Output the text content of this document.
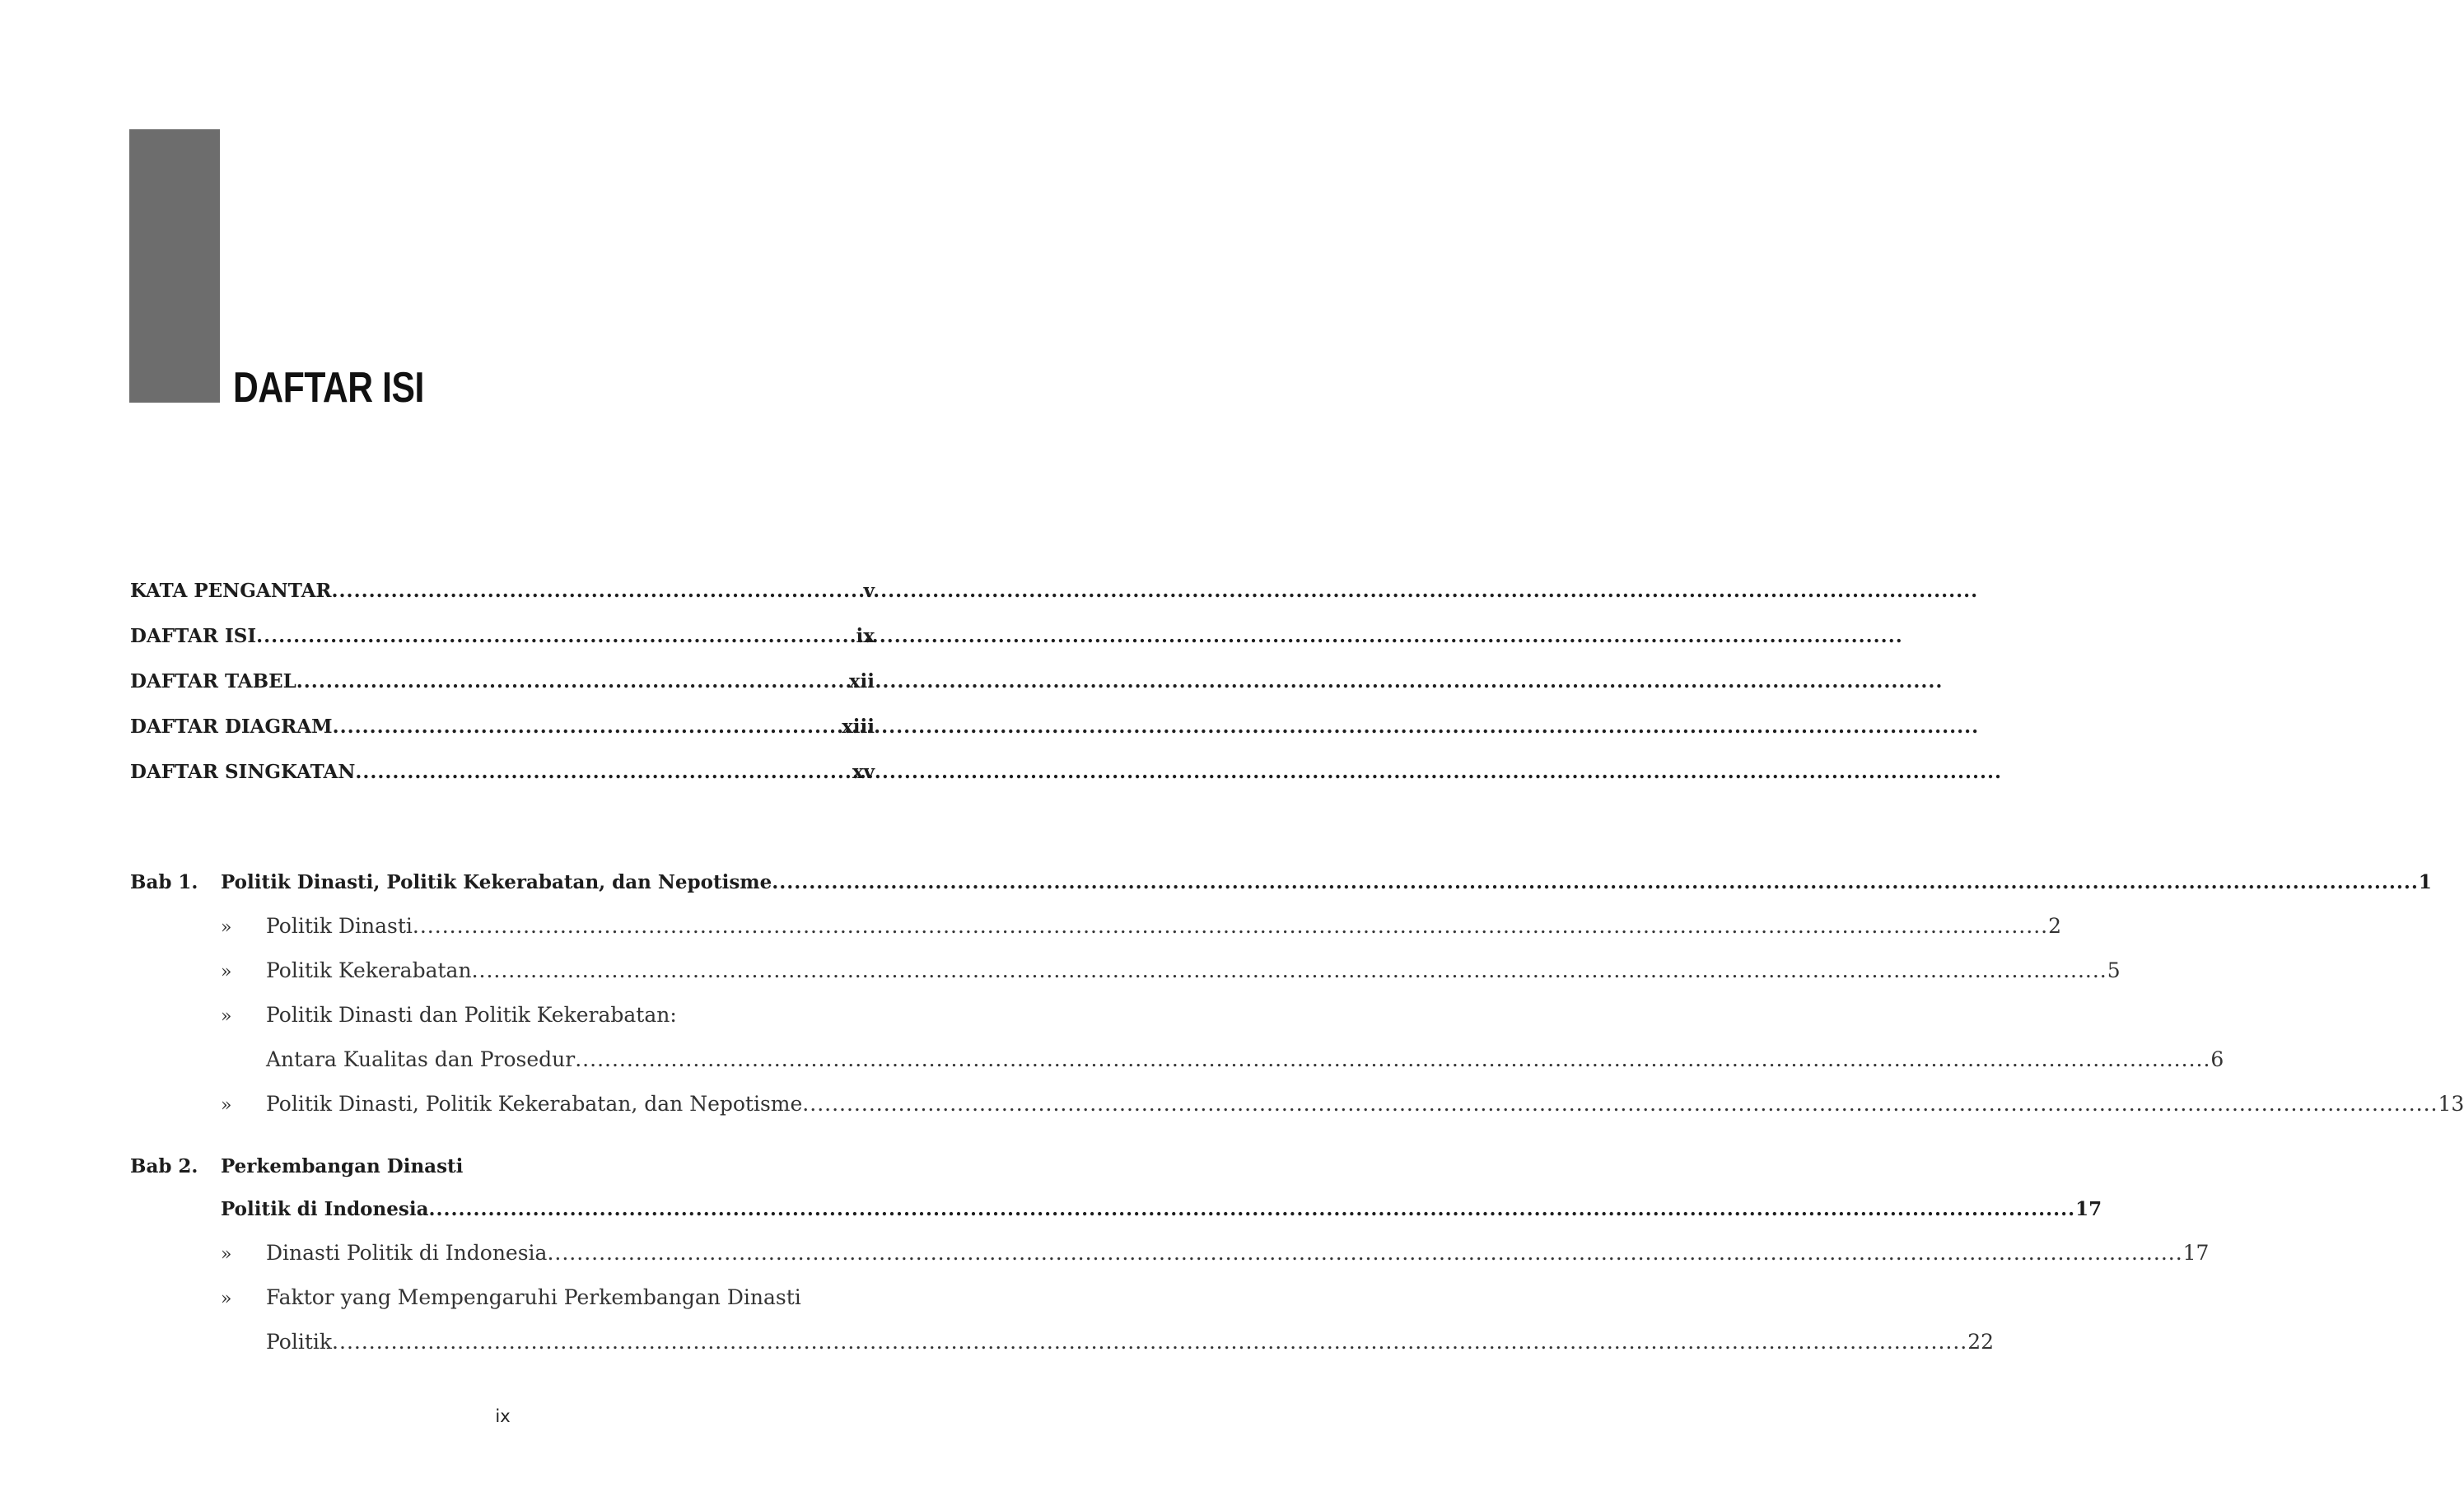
DAFTAR ISI
KATA PENGANTAR .....	v
DAFTAR ISI .....	ix
DAFTAR TABEL .....	xii
DAFTAR DIAGRAM .....	xiii
DAFTAR SINGKATAN .....	xv
Bab 1.	Politik Dinasti, Politik Kekerabatan, dan Nepotisme .....	1
»	Politik Dinasti .....	2
»	Politik Kekerabatan .....	5
»	Politik Dinasti dan Politik Kekerabatan:
Antara Kualitas dan Prosedur .....	6
»	Politik Dinasti, Politik Kekerabatan, dan Nepotisme .....	13
Bab 2.	Perkembangan Dinasti
Politik di Indonesia .....	17
»	Dinasti Politik di Indonesia .....	17
»	Faktor yang Mempengaruhi Perkembangan Dinasti
Politik .....	22
ix
